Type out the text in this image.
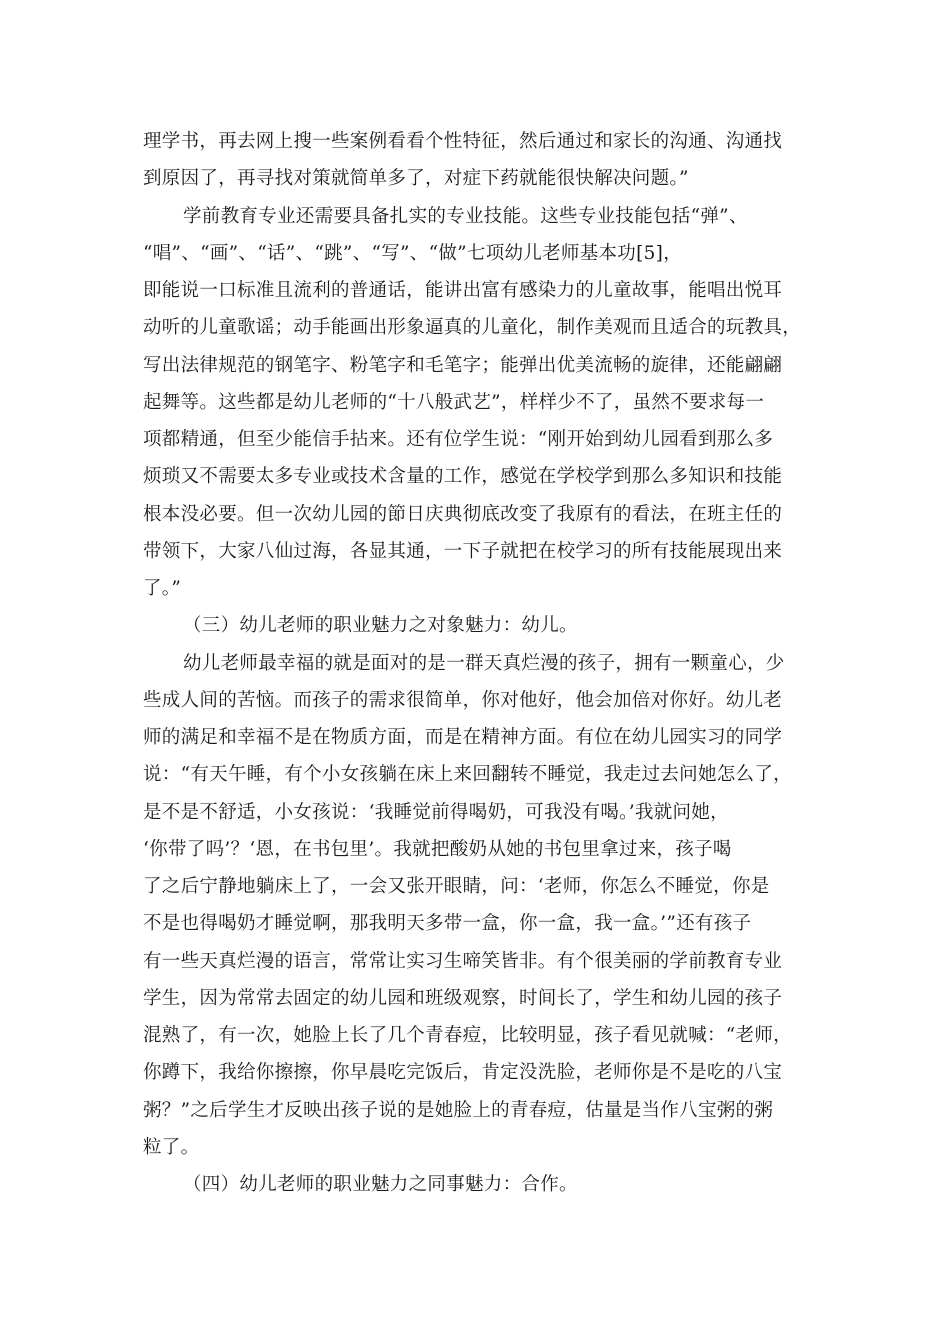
理学书，再去网上搜一些案例看看个性特征，然后通过和家长的沟通、沟通找
到原因了，再寻找对策就简单多了，对症下药就能很快解决问题。”
学前教育专业还需要具备扎实的专业技能。这些专业技能包括“弹”、
“唱”、“画”、“话”、“跳”、“写”、“做”七项幼儿老师基本功[5]，
即能说一口标准且流利的普通话，能讲出富有感染力的儿童故事，能唱出悦耳
动听的儿童歌谣；动手能画出形象逼真的儿童化，制作美观而且适合的玩教具，
写出法律规范的钢笔字、粉笔字和毛笔字；能弹出优美流畅的旋律，还能翩翩
起舞等。这些都是幼儿老师的“十八般武艺”，样样少不了，虽然不要求每一
项都精通，但至少能信手拈来。还有位学生说：“刚开始到幼儿园看到那么多
烦琐又不需要太多专业或技术含量的工作，感觉在学校学到那么多知识和技能
根本没必要。但一次幼儿园的節日庆典彻底改变了我原有的看法，在班主任的
带领下，大家八仙过海，各显其通，一下子就把在校学习的所有技能展现出来
了。”
（三）幼儿老师的职业魅力之对象魅力：幼儿。
幼儿老师最幸福的就是面对的是一群天真烂漫的孩子，拥有一颗童心，少
些成人间的苦恼。而孩子的需求很简单，你对他好，他会加倍对你好。幼儿老
师的满足和幸福不是在物质方面，而是在精神方面。有位在幼儿园实习的同学
说：“有天午睡，有个小女孩躺在床上来回翻转不睡觉，我走过去问她怎么了，
是不是不舒适，小女孩说：‘我睡觉前得喝奶，可我没有喝。’我就问她，
‘你带了吗’？‘恩，在书包里’。我就把酸奶从她的书包里拿过来，孩子喝
了之后宁静地躺床上了，一会又张开眼睛，问：‘老师，你怎么不睡觉，你是
不是也得喝奶才睡觉啊，那我明天多带一盒，你一盒，我一盒。’”还有孩子
有一些天真烂漫的语言，常常让实习生啼笑皆非。有个很美丽的学前教育专业
学生，因为常常去固定的幼儿园和班级观察，时间长了，学生和幼儿园的孩子
混熟了，有一次，她脸上长了几个青春痘，比较明显，孩子看见就喊：“老师，
你蹲下，我给你擦擦，你早晨吃完饭后，肯定没洗脸，老师你是不是吃的八宝
粥？”之后学生才反映出孩子说的是她脸上的青春痘，估量是当作八宝粥的粥
粒了。
（四）幼儿老师的职业魅力之同事魅力：合作。
